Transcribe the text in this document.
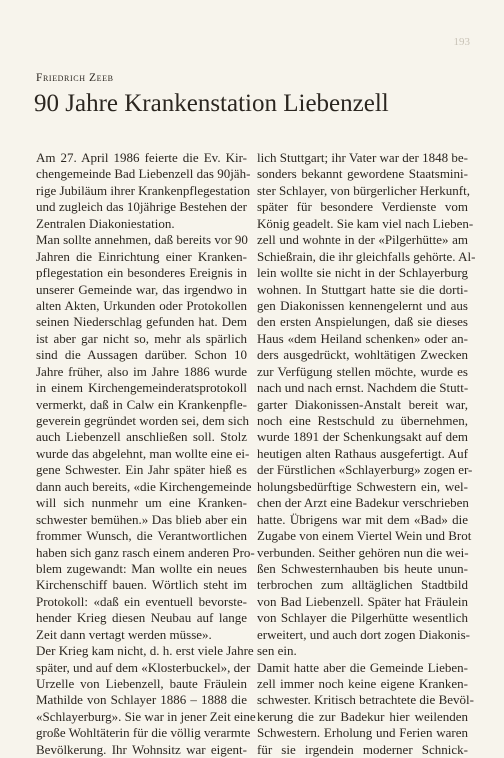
193
Friedrich Zeeb
90 Jahre Krankenstation Liebenzell
Am 27. April 1986 feierte die Ev. Kir-
chengemeinde Bad Liebenzell das 90jäh-
rige Jubiläum ihrer Krankenpflegestation
und zugleich das 10jährige Bestehen der
Zentralen Diakoniestation.
Man sollte annehmen, daß bereits vor 90
Jahren die Einrichtung einer Kranken-
pflegestation ein besonderes Ereignis in
unserer Gemeinde war, das irgendwo in
alten Akten, Urkunden oder Protokollen
seinen Niederschlag gefunden hat. Dem
ist aber gar nicht so, mehr als spärlich
sind die Aussagen darüber. Schon 10
Jahre früher, also im Jahre 1886 wurde
in einem Kirchengemeinderatsprotokoll
vermerkt, daß in Calw ein Krankenpfle-
geverein gegründet worden sei, dem sich
auch Liebenzell anschließen soll. Stolz
wurde das abgelehnt, man wollte eine ei-
gene Schwester. Ein Jahr später hieß es
dann auch bereits, «die Kirchengemeinde
will sich nunmehr um eine Kranken-
schwester bemühen.» Das blieb aber ein
frommer Wunsch, die Verantwortlichen
haben sich ganz rasch einem anderen Pro-
blem zugewandt: Man wollte ein neues
Kirchenschiff bauen. Wörtlich steht im
Protokoll: «daß ein eventuell bevorste-
hender Krieg diesen Neubau auf lange
Zeit dann vertagt werden müsse».
Der Krieg kam nicht, d. h. erst viele Jahre
später, und auf dem «Klosterbuckel», der
Urzelle von Liebenzell, baute Fräulein
Mathilde von Schlayer 1886 – 1888 die
«Schlayerburg». Sie war in jener Zeit eine
große Wohltäterin für die völlig verarmte
Bevölkerung. Ihr Wohnsitz war eigent-
lich Stuttgart; ihr Vater war der 1848 be-
sonders bekannt gewordene Staatsmini-
ster Schlayer, von bürgerlicher Herkunft,
später für besondere Verdienste vom
König geadelt. Sie kam viel nach Lieben-
zell und wohnte in der «Pilgerhütte» am
Schießrain, die ihr gleichfalls gehörte. Al-
lein wollte sie nicht in der Schlayerburg
wohnen. In Stuttgart hatte sie die dorti-
gen Diakonissen kennengelernt und aus
den ersten Anspielungen, daß sie dieses
Haus «dem Heiland schenken» oder an-
ders ausgedrückt, wohltätigen Zwecken
zur Verfügung stellen möchte, wurde es
nach und nach ernst. Nachdem die Stutt-
garter Diakonissen-Anstalt bereit war,
noch eine Restschuld zu übernehmen,
wurde 1891 der Schenkungsakt auf dem
heutigen alten Rathaus ausgefertigt. Auf
der Fürstlichen «Schlayerburg» zogen er-
holungsbedürftige Schwestern ein, wel-
chen der Arzt eine Badekur verschrieben
hatte. Übrigens war mit dem «Bad» die
Zugabe von einem Viertel Wein und Brot
verbunden. Seither gehören nun die wei-
ßen Schwesternhauben bis heute unun-
terbrochen zum alltäglichen Stadtbild
von Bad Liebenzell. Später hat Fräulein
von Schlayer die Pilgerhütte wesentlich
erweitert, und auch dort zogen Diakonis-
sen ein.
Damit hatte aber die Gemeinde Lieben-
zell immer noch keine eigene Kranken-
schwester. Kritisch betrachtete die Bevöl-
kerung die zur Badekur hier weilenden
Schwestern. Erholung und Ferien waren
für sie irgendein moderner Schnick-
